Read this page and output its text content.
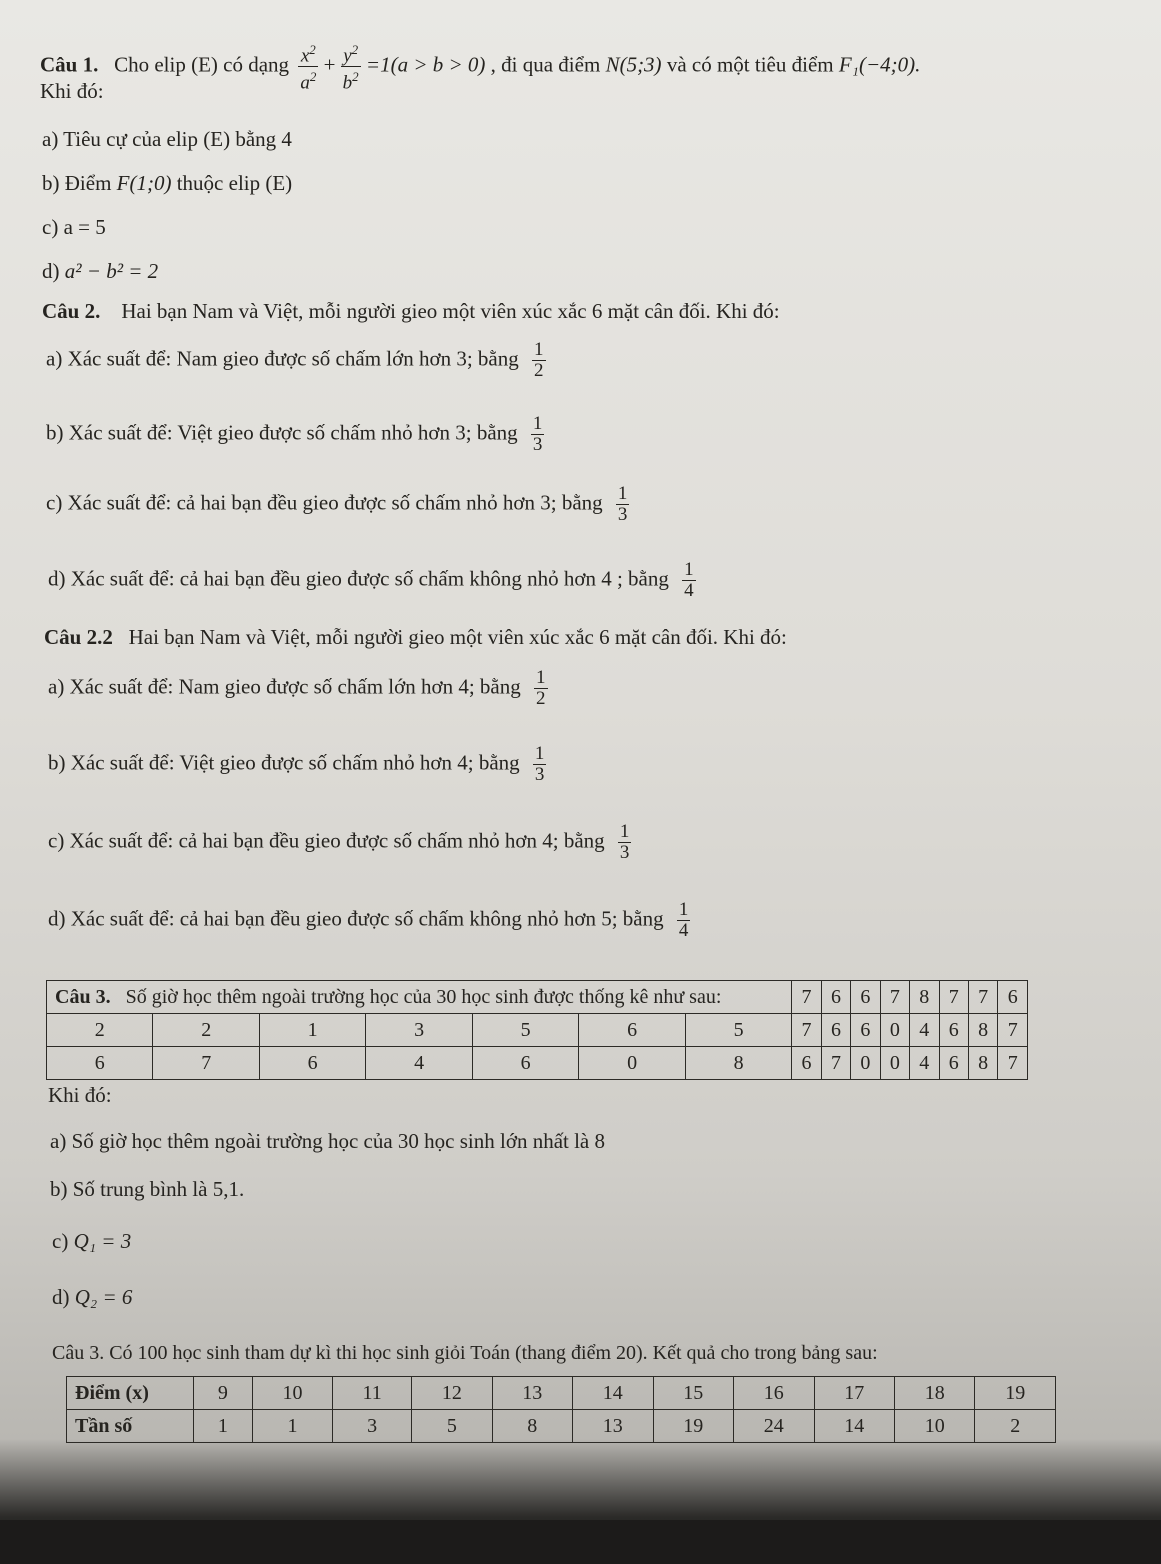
Câu 1. Cho elip (E) có dạng $\frac{x^2}{a^2} + \frac{y^2}{b^2} =1(a > b > 0)$ , đi qua điểm N(5;3) và có một tiêu điểm F₁(−4;0).
Khi đó:
a) Tiêu cự của elip (E) bằng 4
b) Điểm F(1;0) thuộc elip (E)
c) a = 5
d) a² − b² = 2
Câu 2. Hai bạn Nam và Việt, mỗi người gieo một viên xúc xắc 6 mặt cân đối. Khi đó:
a) Xác suất để: Nam gieo được số chấm lớn hơn 3; bằng $\frac{1}{2}$
b) Xác suất để: Việt gieo được số chấm nhỏ hơn 3; bằng $\frac{1}{3}$
c) Xác suất để: cả hai bạn đều gieo được số chấm nhỏ hơn 3; bằng $\frac{1}{3}$
d) Xác suất để: cả hai bạn đều gieo được số chấm không nhỏ hơn 4 ; bằng $\frac{1}{4}$
Câu 2.2 Hai bạn Nam và Việt, mỗi người gieo một viên xúc xắc 6 mặt cân đối. Khi đó:
a) Xác suất để: Nam gieo được số chấm lớn hơn 4; bằng $\frac{1}{2}$
b) Xác suất để: Việt gieo được số chấm nhỏ hơn 4; bằng $\frac{1}{3}$
c) Xác suất để: cả hai bạn đều gieo được số chấm nhỏ hơn 4; bằng $\frac{1}{3}$
d) Xác suất để: cả hai bạn đều gieo được số chấm không nhỏ hơn 5; bằng $\frac{1}{4}$
Câu 3. Số giờ học thêm ngoài trường học của 30 học sinh được thống kê như sau:							7	6	6	7	8	7	7	6
2	2	1	3	5	6	5	7	6	6	0	4	6	8	7
6	7	6	4	6	0	8	6	7	0	0	4	6	8	7
Khi đó:
a) Số giờ học thêm ngoài trường học của 30 học sinh lớn nhất là 8
b) Số trung bình là 5,1.
c) Q₁ = 3
d) Q₂ = 6
Câu 3. Có 100 học sinh tham dự kì thi học sinh giỏi Toán (thang điểm 20). Kết quả cho trong bảng sau:
Điểm (x)	9	10	11	12	13	14	15	16	17	18	19
Tần số	1	1	3	5	8	13	19	24	14	10	2
